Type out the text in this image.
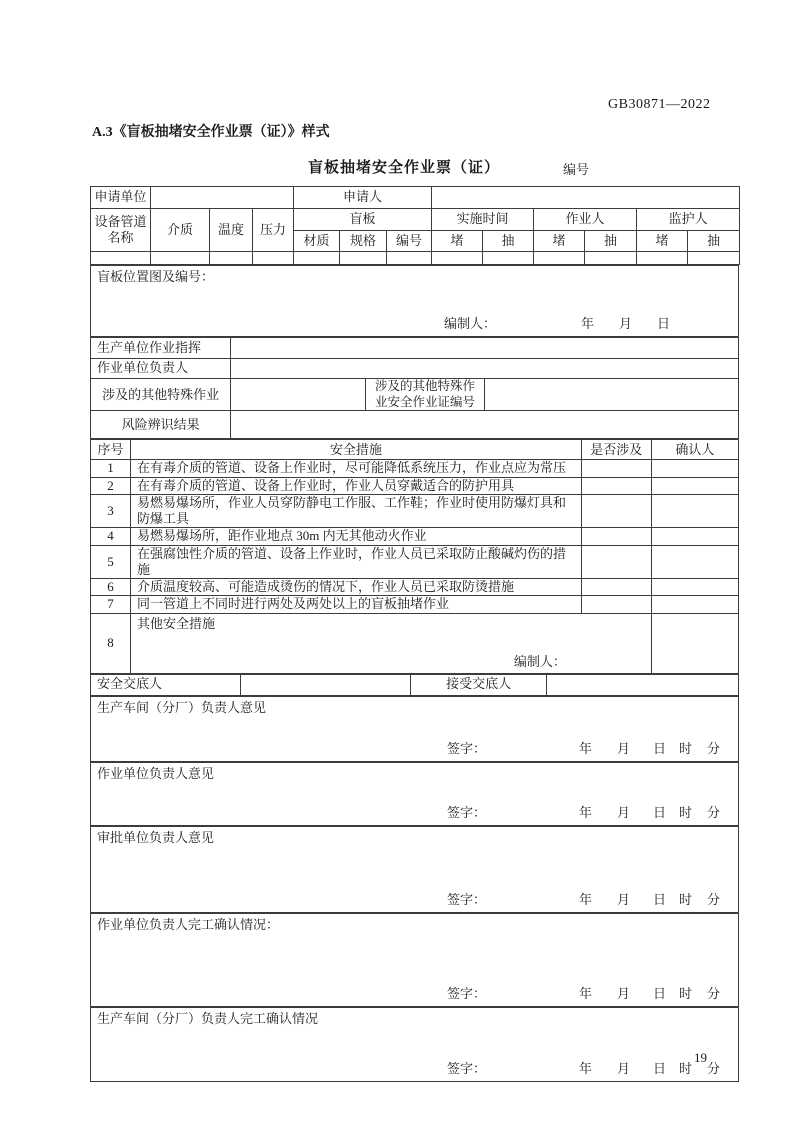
GB30871—2022
A.3《盲板抽堵安全作业票（证）》样式
盲板抽堵安全作业票（证）	编号
申请单位				申请人								
设备管道名称	介质	温度	压力	盲板			实施时间		作业人		监护人	
				材质	规格	编号	堵	抽	堵	抽	堵	抽

盲板位置图及编号：
编制人：	年 月 日
生产单位作业指挥			
作业单位负责人			
涉及的其他特殊作业		涉及的其他特殊作业安全作业证编号	
风险辨识结果			
序号	安全措施	是否涉及	确认人
1	在有毒介质的管道、设备上作业时，尽可能降低系统压力，作业点应为常压		
2	在有毒介质的管道、设备上作业时，作业人员穿戴适合的防护用具		
3	易燃易爆场所，作业人员穿防静电工作服、工作鞋；作业时使用防爆灯具和防爆工具		
4	易燃易爆场所，距作业地点 30m 内无其他动火作业		
5	在强腐蚀性介质的管道、设备上作业时，作业人员已采取防止酸碱灼伤的措施		
6	介质温度较高、可能造成烫伤的情况下，作业人员已采取防烫措施		
7	同一管道上不同时进行两处及两处以上的盲板抽堵作业		
8	其他安全措施
编制人：		

安全交底人		接受交底人	
生产车间（分厂）负责人意见
签字：	年 月 日 时 分
作业单位负责人意见
签字：	年 月 日 时 分
审批单位负责人意见
签字：	年 月 日 时 分
作业单位负责人完工确认情况：
签字：	年 月 日 时 分
生产车间（分厂）负责人完工确认情况
签字：	年 月 日 时 分
19
